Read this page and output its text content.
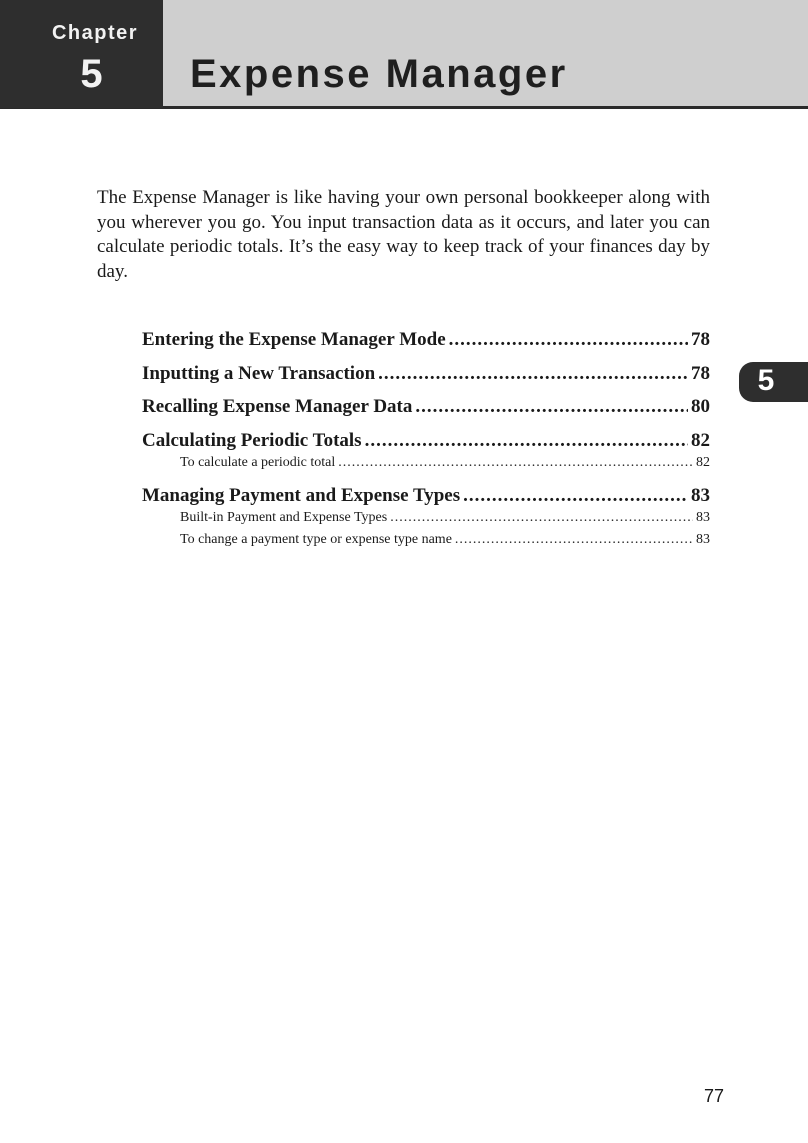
Chapter
5	Expense Manager

The Expense Manager is like having your own personal bookkeeper along with you wherever you go. You input transaction data as it occurs, and later you can calculate periodic totals. It’s the easy way to keep track of your finances day by day.

Entering the Expense Manager Mode .....	78
Inputting a New Transaction .....	78
Recalling Expense Manager Data .....	80
Calculating Periodic Totals .....	82
To calculate a periodic total .....	82
Managing Payment and Expense Types .....	83
Built-in Payment and Expense Types .....	83
To change a payment type or expense type name .....	83
5
77
